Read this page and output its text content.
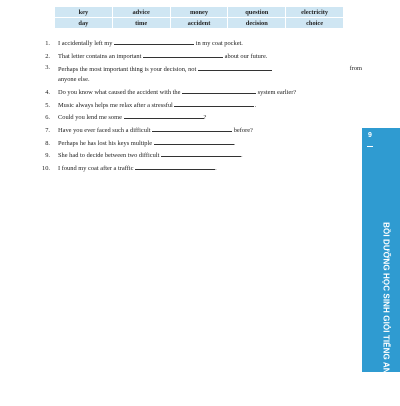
key	advice	money	question	electricity
day	time	accident	decision	choice
1. I accidentally left my	in my coat pocket.
2. That letter contains an important	about our future.
3. Perhaps the most important thing is your decision, not	from

anyone else.
4. Do you know what caused the accident with the	system earlier?
5. Music always helps me relax after a stressful	.
6. Could you lend me some	?
7. Have you ever faced such a difficult	before?
8. Perhaps he has lost his keys multiple	.
9. She had to decide between two difficult	.
10. I found my coat after a traffic	.
9
BỒI DƯỠNG HỌC SINH GIỎI TIẾNG ANH LỚP 8
